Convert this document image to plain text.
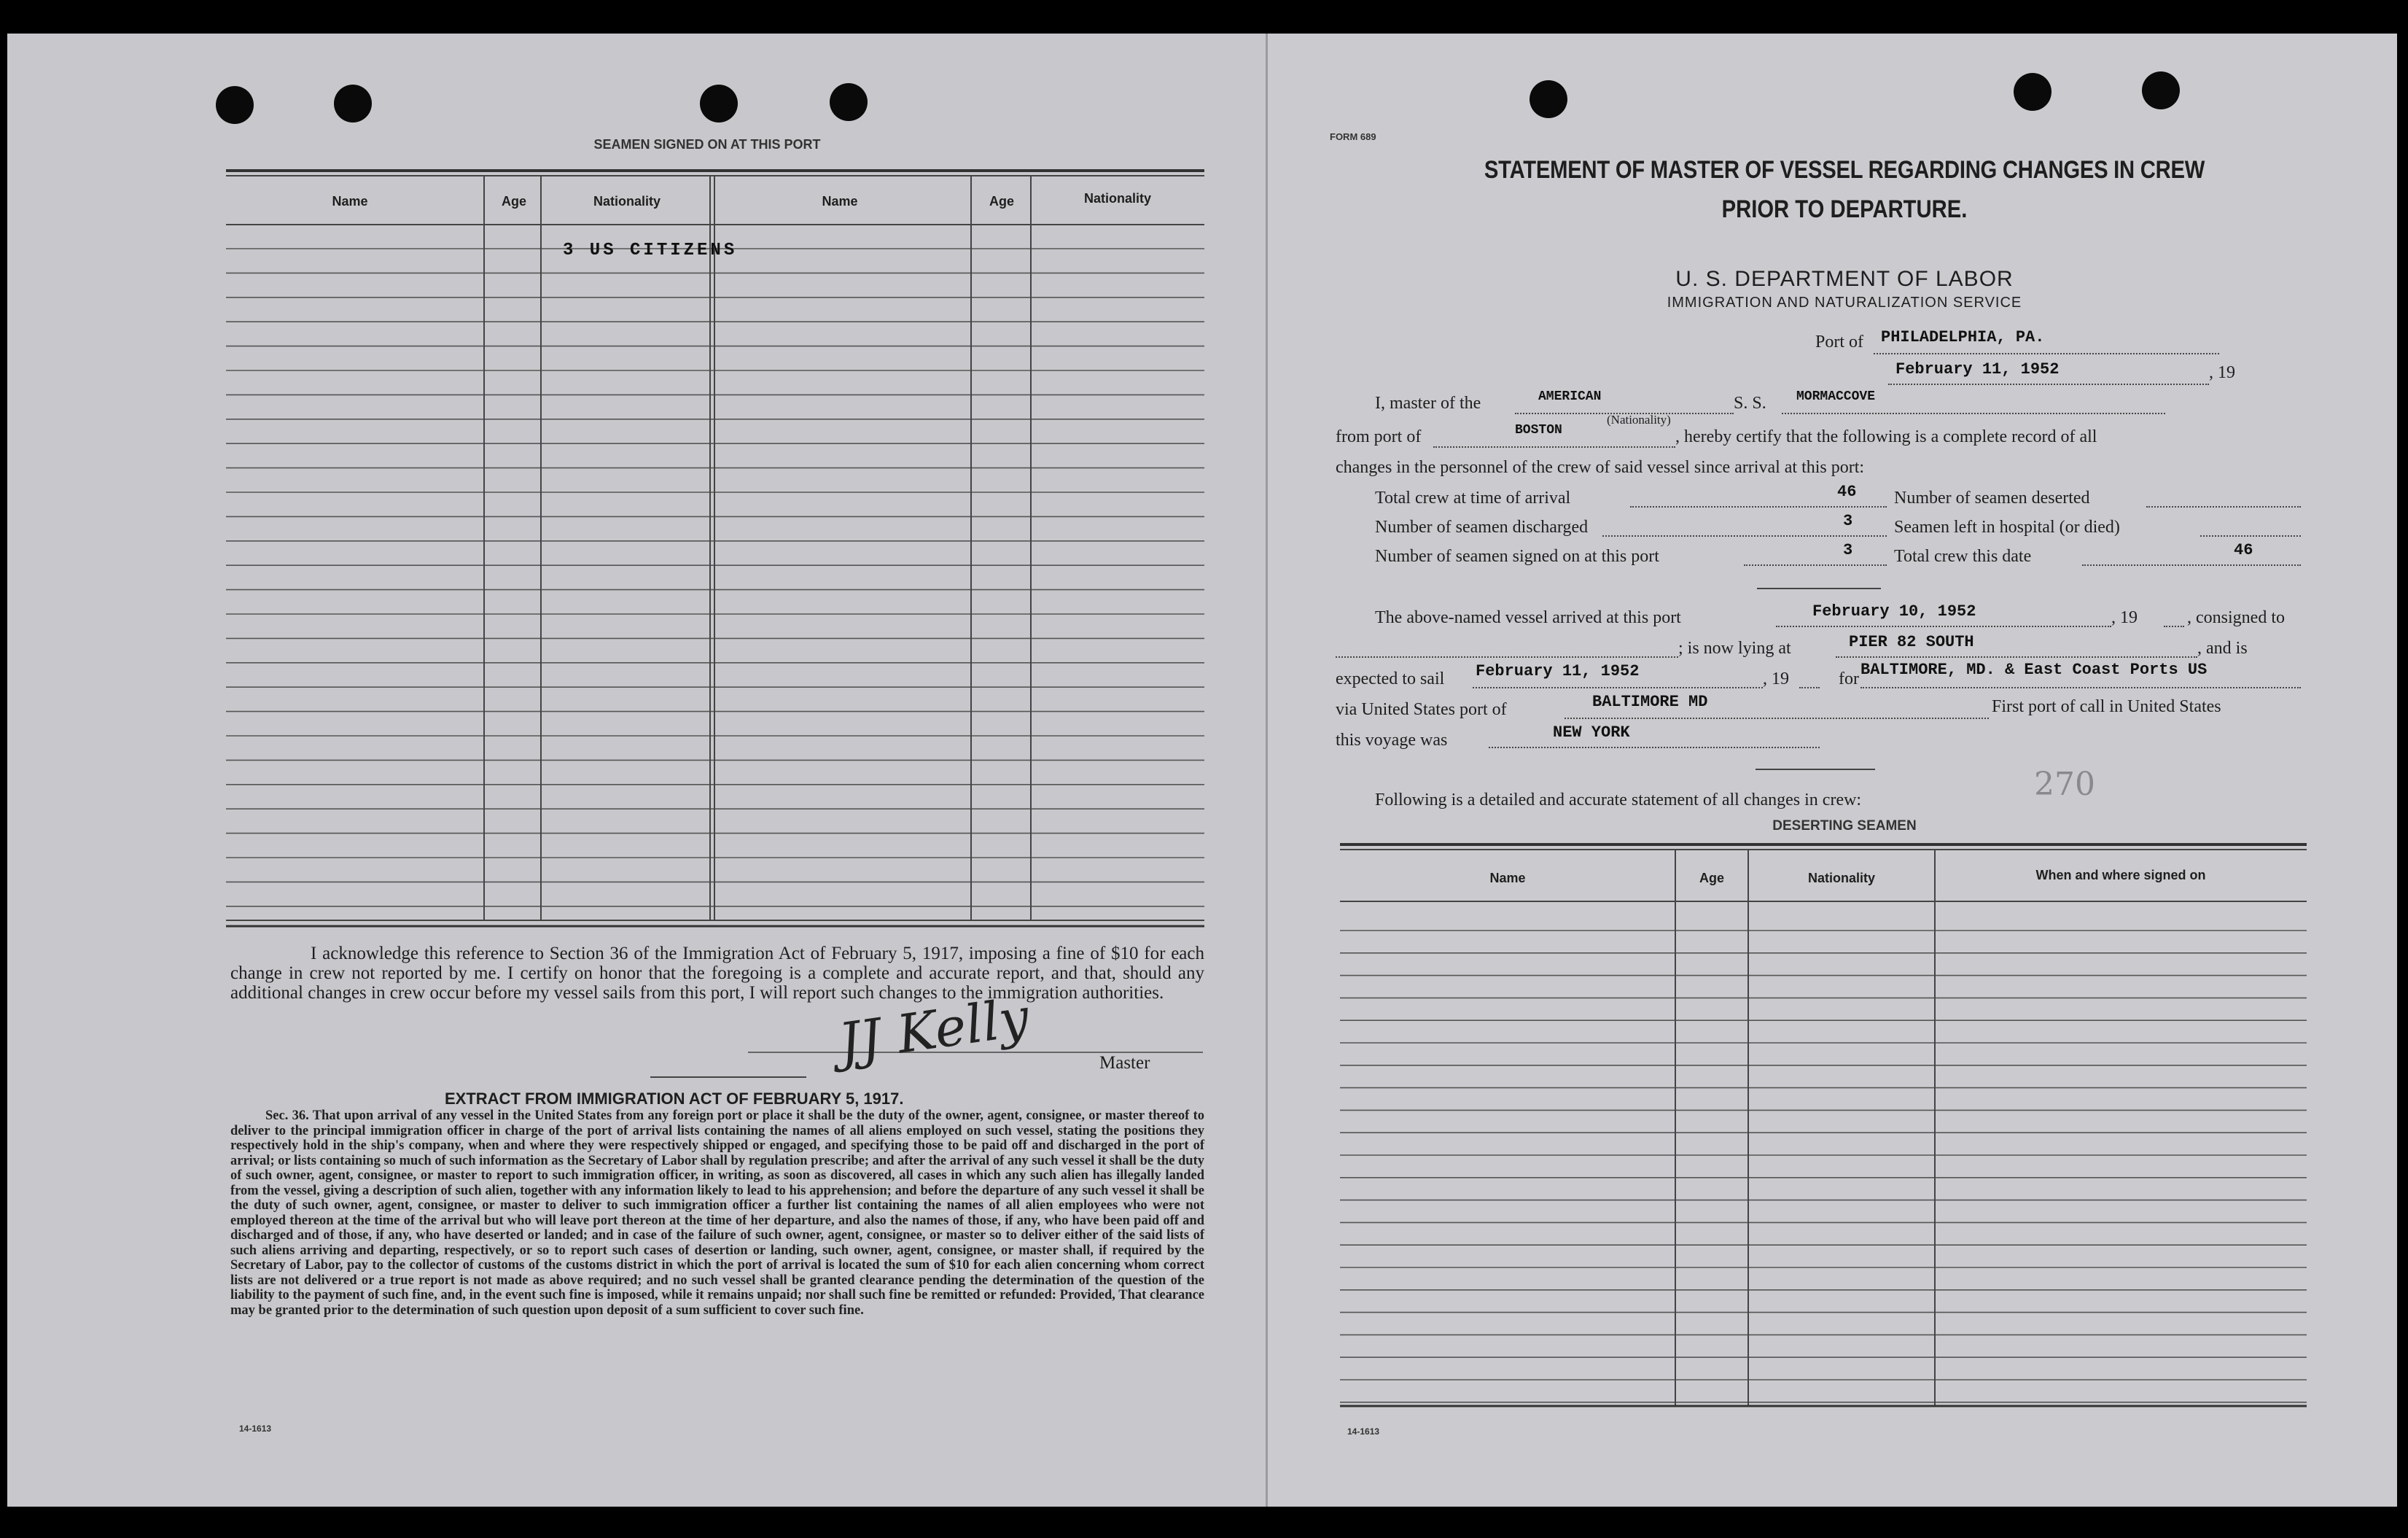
SEAMEN SIGNED ON AT THIS PORT
Name	Age	Nationality	Name	Age	Nationality
3 US CITIZENS
I acknowledge this reference to Section 36 of the Immigration Act of February 5, 1917, imposing a fine of $10 for each change in crew not reported by me. I certify on honor that the foregoing is a complete and accurate report, and that, should any additional changes in crew occur before my vessel sails from this port, I will report such changes to the immigration authorities.
JJ Kelly	Master
EXTRACT FROM IMMIGRATION ACT OF FEBRUARY 5, 1917.
Sec. 36. That upon arrival of any vessel in the United States from any foreign port or place it shall be the duty of the owner, agent, consignee, or master thereof to deliver to the principal immigration officer in charge of the port of arrival lists containing the names of all aliens employed on such vessel, stating the positions they respectively hold in the ship's company, when and where they were respectively shipped or engaged, and specifying those to be paid off and discharged in the port of arrival; or lists containing so much of such information as the Secretary of Labor shall by regulation prescribe; and after the arrival of any such vessel it shall be the duty of such owner, agent, consignee, or master to report to such immigration officer, in writing, as soon as discovered, all cases in which any such alien has illegally landed from the vessel, giving a description of such alien, together with any information likely to lead to his apprehension; and before the departure of any such vessel it shall be the duty of such owner, agent, consignee, or master to deliver to such immigration officer a further list containing the names of all alien employees who were not employed thereon at the time of the arrival but who will leave port thereon at the time of her departure, and also the names of those, if any, who have been paid off and discharged and of those, if any, who have deserted or landed; and in case of the failure of such owner, agent, consignee, or master so to deliver either of the said lists of such aliens arriving and departing, respectively, or so to report such cases of desertion or landing, such owner, agent, consignee, or master shall, if required by the Secretary of Labor, pay to the collector of customs of the customs district in which the port of arrival is located the sum of $10 for each alien concerning whom correct lists are not delivered or a true report is not made as above required; and no such vessel shall be granted clearance pending the determination of the question of the liability to the payment of such fine, and, in the event such fine is imposed, while it remains unpaid; nor shall such fine be remitted or refunded: Provided, That clearance may be granted prior to the determination of such question upon deposit of a sum sufficient to cover such fine.
14-1613
FORM 689
STATEMENT OF MASTER OF VESSEL REGARDING CHANGES IN CREW
PRIOR TO DEPARTURE.
U. S. DEPARTMENT OF LABOR
IMMIGRATION AND NATURALIZATION SERVICE
Port of PHILADELPHIA, PA.
February 11, 1952	, 19
I, master of the	AMERICAN
(Nationality)
S. S. MORMACCOVE
from port of	BOSTON	, hereby certify that the following is a complete record of all
changes in the personnel of the crew of said vessel since arrival at this port:
Total crew at time of arrival	46
Number of seamen discharged	3
Number of seamen signed on at this port	3
Number of seamen deserted
Seamen left in hospital (or died)
Total crew this date	46
The above-named vessel arrived at this port	February 10, 1952	, 19	, consigned to
; is now lying at	PIER 82 SOUTH	, and is
expected to sail February 11, 1952	, 19	for BALTIMORE, MD. & East Coast Ports US
via United States port of	BALTIMORE MD	First port of call in United States
this voyage was	NEW YORK
Following is a detailed and accurate statement of all changes in crew:	270
DESERTING SEAMEN
Name	Age	Nationality	When and where signed on
14-1613
